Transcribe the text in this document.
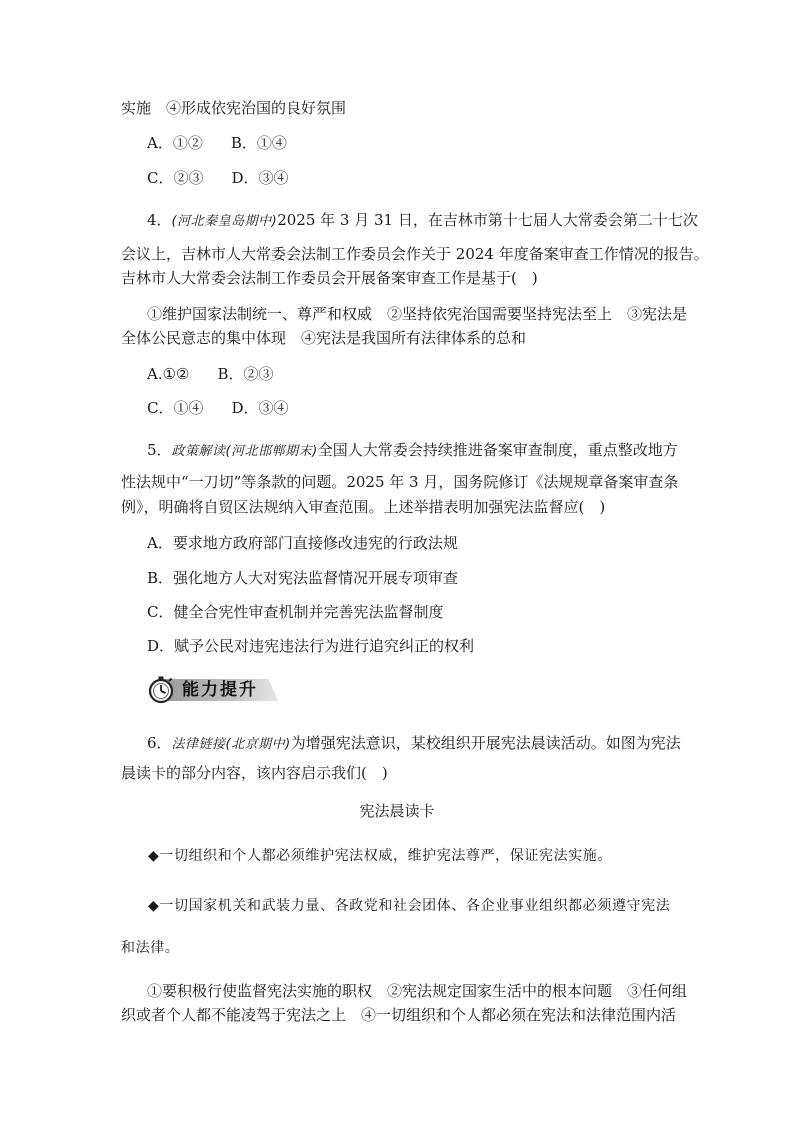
实施　④形成依宪治国的良好氛围
A．①② B．①④
C．②③ D．③④
4．(河北秦皇岛期中)2025 年 3 月 31 日，在吉林市第十七届人大常委会第二十七次
会议上，吉林市人大常委会法制工作委员会作关于 2024 年度备案审查工作情况的报告。
吉林市人大常委会法制工作委员会开展备案审查工作是基于(　)
①维护国家法制统一、尊严和权威　②坚持依宪治国需要坚持宪法至上　③宪法是
全体公民意志的集中体现　④宪法是我国所有法律体系的总和
A.①② B．②③
C．①④ D．③④
5．政策解读(河北邯郸期末)全国人大常委会持续推进备案审查制度，重点整改地方
性法规中“一刀切”等条款的问题。2025 年 3 月，国务院修订《法规规章备案审查条
例》，明确将自贸区法规纳入审查范围。上述举措表明加强宪法监督应(　)
A．要求地方政府部门直接修改违宪的行政法规
B．强化地方人大对宪法监督情况开展专项审查
C．健全合宪性审查机制并完善宪法监督制度
D．赋予公民对违宪违法行为进行追究纠正的权利
能力提升
6．法律链接(北京期中)为增强宪法意识，某校组织开展宪法晨读活动。如图为宪法
晨读卡的部分内容，该内容启示我们(　)
宪法晨读卡
◆一切组织和个人都必须维护宪法权威，维护宪法尊严，保证宪法实施。
◆一切国家机关和武装力量、各政党和社会团体、各企业事业组织都必须遵守宪法
和法律。
①要积极行使监督宪法实施的职权　②宪法规定国家生活中的根本问题　③任何组
织或者个人都不能凌驾于宪法之上　④一切组织和个人都必须在宪法和法律范围内活
